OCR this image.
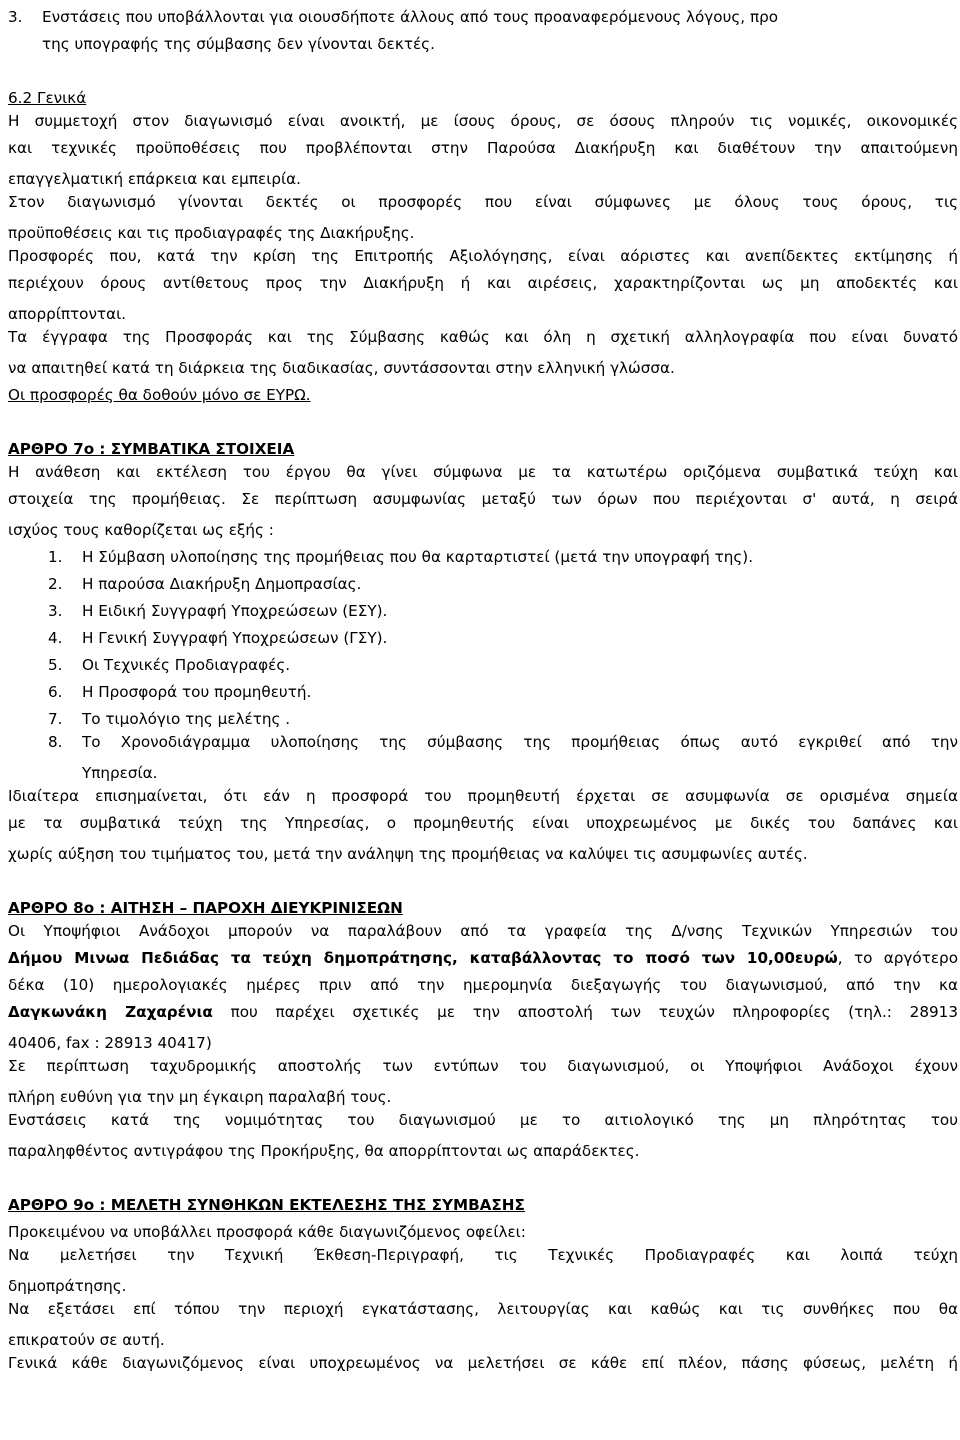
3. Ενστάσεις που υποβάλλονται για οιουσδήποτε άλλους από τους προαναφερόμενους λόγους, προ
της υπογραφής της σύμβασης δεν γίνονται δεκτές.
6.2 Γενικά
Η συμμετοχή στον διαγωνισμό είναι ανοικτή, με ίσους όρους, σε όσους πληρούν τις νομικές, οικονομικές
και τεχνικές προϋποθέσεις που προβλέπονται στην Παρούσα Διακήρυξη και διαθέτουν την απαιτούμενη
επαγγελματική επάρκεια και εμπειρία.
Στον διαγωνισμό γίνονται δεκτές οι προσφορές που είναι σύμφωνες με όλους τους όρους, τις
προϋποθέσεις και τις προδιαγραφές της Διακήρυξης.
Προσφορές που, κατά την κρίση της Επιτροπής Αξιολόγησης, είναι αόριστες και ανεπίδεκτες εκτίμησης ή
περιέχουν όρους αντίθετους προς την Διακήρυξη ή και αιρέσεις, χαρακτηρίζονται ως μη αποδεκτές και
απορρίπτονται.
Τα έγγραφα της Προσφοράς και της Σύμβασης καθώς και όλη η σχετική αλληλογραφία που είναι δυνατό
να απαιτηθεί κατά τη διάρκεια της διαδικασίας, συντάσσονται στην ελληνική γλώσσα.
Οι προσφορές θα δοθούν μόνο σε ΕΥΡΩ.
ΑΡΘΡΟ 7ο : ΣΥΜΒΑΤΙΚΑ ΣΤΟΙΧΕΙΑ
Η ανάθεση και εκτέλεση του έργου θα γίνει σύμφωνα με τα κατωτέρω οριζόμενα συμβατικά τεύχη και
στοιχεία της προμήθειας. Σε περίπτωση ασυμφωνίας μεταξύ των όρων που περιέχονται σ' αυτά, η σειρά
ισχύος τους καθορίζεται ως εξής :
1. Η Σύμβαση υλοποίησης της προμήθειας που θα καρταρτιστεί (μετά την υπογραφή της).
2. Η παρούσα Διακήρυξη Δημοπρασίας.
3. Η Ειδική Συγγραφή Υποχρεώσεων (ΕΣΥ).
4. Η Γενική Συγγραφή Υποχρεώσεων (ΓΣΥ).
5. Οι Τεχνικές Προδιαγραφές.
6. Η Προσφορά του προμηθευτή.
7. Το τιμολόγιο της μελέτης .
8.	Το Χρονοδιάγραμμα υλοποίησης της σύμβασης της προμήθειας όπως αυτό εγκριθεί από την
Υπηρεσία.
Ιδιαίτερα επισημαίνεται, ότι εάν η προσφορά του προμηθευτή έρχεται σε ασυμφωνία σε ορισμένα σημεία
με τα συμβατικά τεύχη της Υπηρεσίας, ο προμηθευτής είναι υποχρεωμένος με δικές του δαπάνες και
χωρίς αύξηση του τιμήματος του, μετά την ανάληψη της προμήθειας να καλύψει τις ασυμφωνίες αυτές.
ΑΡΘΡΟ 8ο : ΑΙΤΗΣΗ – ΠΑΡΟΧΗ ΔΙΕΥΚΡΙΝΙΣΕΩΝ
Οι Υποψήφιοι Ανάδοχοι μπορούν να παραλάβουν από τα γραφεία της Δ/νσης Τεχνικών Υπηρεσιών του
Δήμου Μινωα Πεδιάδας τα τεύχη δημοπράτησης, καταβάλλοντας το ποσό των 10,00ευρώ, το αργότερο
δέκα (10) ημερολογιακές ημέρες πριν από την ημερομηνία διεξαγωγής του διαγωνισμού, από την κα
Δαγκωνάκη Ζαχαρένια που παρέχει σχετικές με την αποστολή των τευχών πληροφορίες (τηλ.: 28913
40406, fax : 28913 40417)
Σε περίπτωση ταχυδρομικής αποστολής των εντύπων του διαγωνισμού, οι Υποψήφιοι Ανάδοχοι έχουν
πλήρη ευθύνη για την μη έγκαιρη παραλαβή τους.
Ενστάσεις κατά της νομιμότητας του διαγωνισμού με το αιτιολογικό της μη πληρότητας του
παραληφθέντος αντιγράφου της Προκήρυξης, θα απορρίπτονται ως απαράδεκτες.
ΑΡΘΡΟ 9ο : ΜΕΛΕΤΗ ΣΥΝΘΗΚΩΝ ΕΚΤΕΛΕΣΗΣ ΤΗΣ ΣΥΜΒΑΣΗΣ
Προκειμένου να υποβάλλει προσφορά κάθε διαγωνιζόμενος οφείλει:
Να μελετήσει την Τεχνική Έκθεση-Περιγραφή, τις Τεχνικές Προδιαγραφές και λοιπά τεύχη
δημοπράτησης.
Να εξετάσει επί τόπου την περιοχή εγκατάστασης, λειτουργίας και καθώς και τις συνθήκες που θα
επικρατούν σε αυτή.
Γενικά κάθε διαγωνιζόμενος είναι υποχρεωμένος να μελετήσει σε κάθε επί πλέον, πάσης φύσεως, μελέτη ή
